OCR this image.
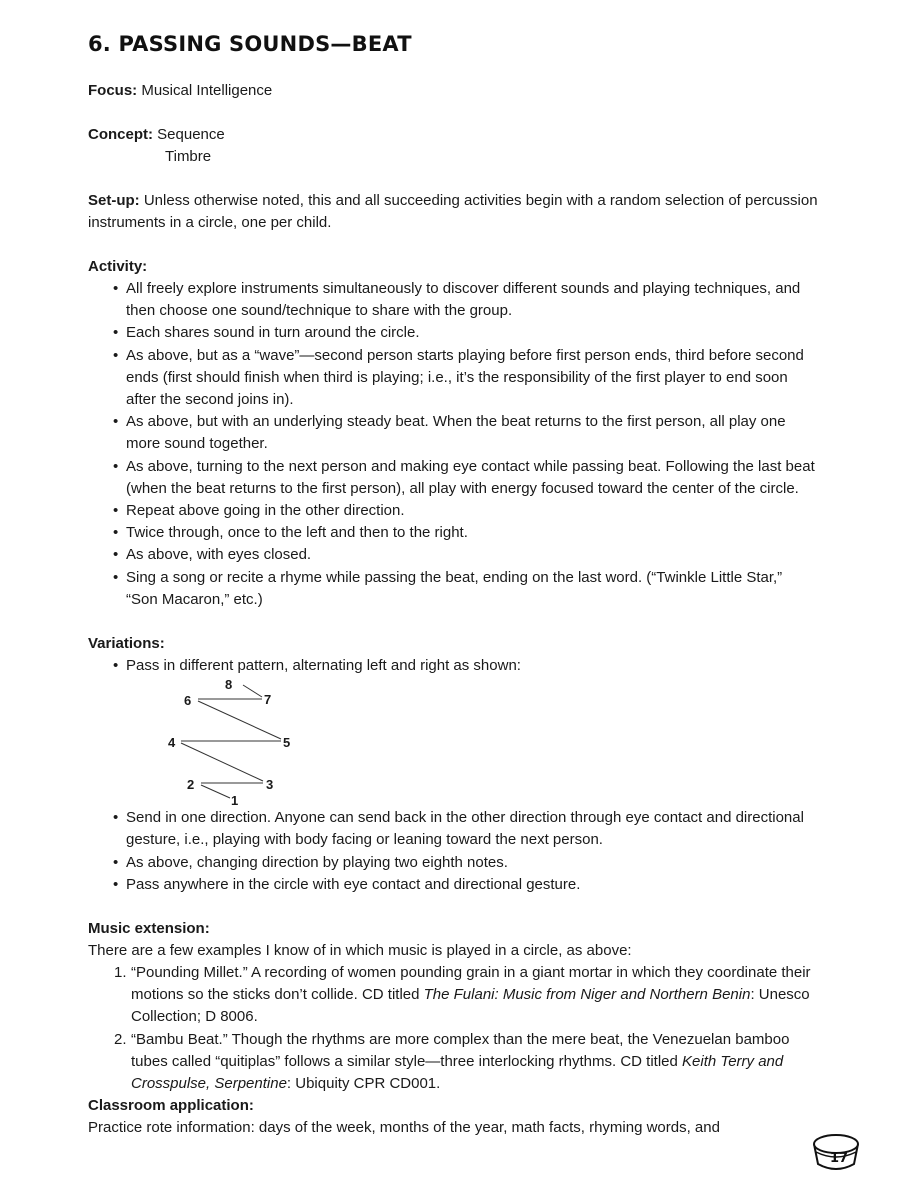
6. PASSING SOUNDS—BEAT
Focus: Musical Intelligence
Concept: Sequence
Timbre
Set-up: Unless otherwise noted, this and all succeeding activities begin with a random selection of percussion instruments in a circle, one per child.
Activity:
• All freely explore instruments simultaneously to discover different sounds and playing techniques, and then choose one sound/technique to share with the group.
• Each shares sound in turn around the circle.
• As above, but as a “wave”—second person starts playing before first person ends, third before second ends (first should finish when third is playing; i.e., it’s the responsibility of the first player to end soon after the second joins in).
• As above, but with an underlying steady beat. When the beat returns to the first person, all play one more sound together.
• As above, turning to the next person and making eye contact while passing beat. Following the last beat (when the beat returns to the first person), all play with energy focused toward the center of the circle.
• Repeat above going in the other direction.
• Twice through, once to the left and then to the right.
• As above, with eyes closed.
• Sing a song or recite a rhyme while passing the beat, ending on the last word. (“Twinkle Little Star,” “Son Macaron,” etc.)
Variations:
• Pass in different pattern, alternating left and right as shown:
1
2	3
4	5
6	7
8
• Send in one direction. Anyone can send back in the other direction through eye contact and directional gesture, i.e., playing with body facing or leaning toward the next person.
• As above, changing direction by playing two eighth notes.
• Pass anywhere in the circle with eye contact and directional gesture.
Music extension:
There are a few examples I know of in which music is played in a circle, as above:
1. “Pounding Millet.” A recording of women pounding grain in a giant mortar in which they coordinate their motions so the sticks don’t collide. CD titled The Fulani: Music from Niger and Northern Benin: Unesco Collection; D 8006.
2. “Bambu Beat.” Though the rhythms are more complex than the mere beat, the Venezuelan bamboo tubes called “quitiplas” follows a similar style—three interlocking rhythms. CD titled Keith Terry and Crosspulse, Serpentine: Ubiquity CPR CD001.
Classroom application:
Practice rote information: days of the week, months of the year, math facts, rhyming words, and
17
